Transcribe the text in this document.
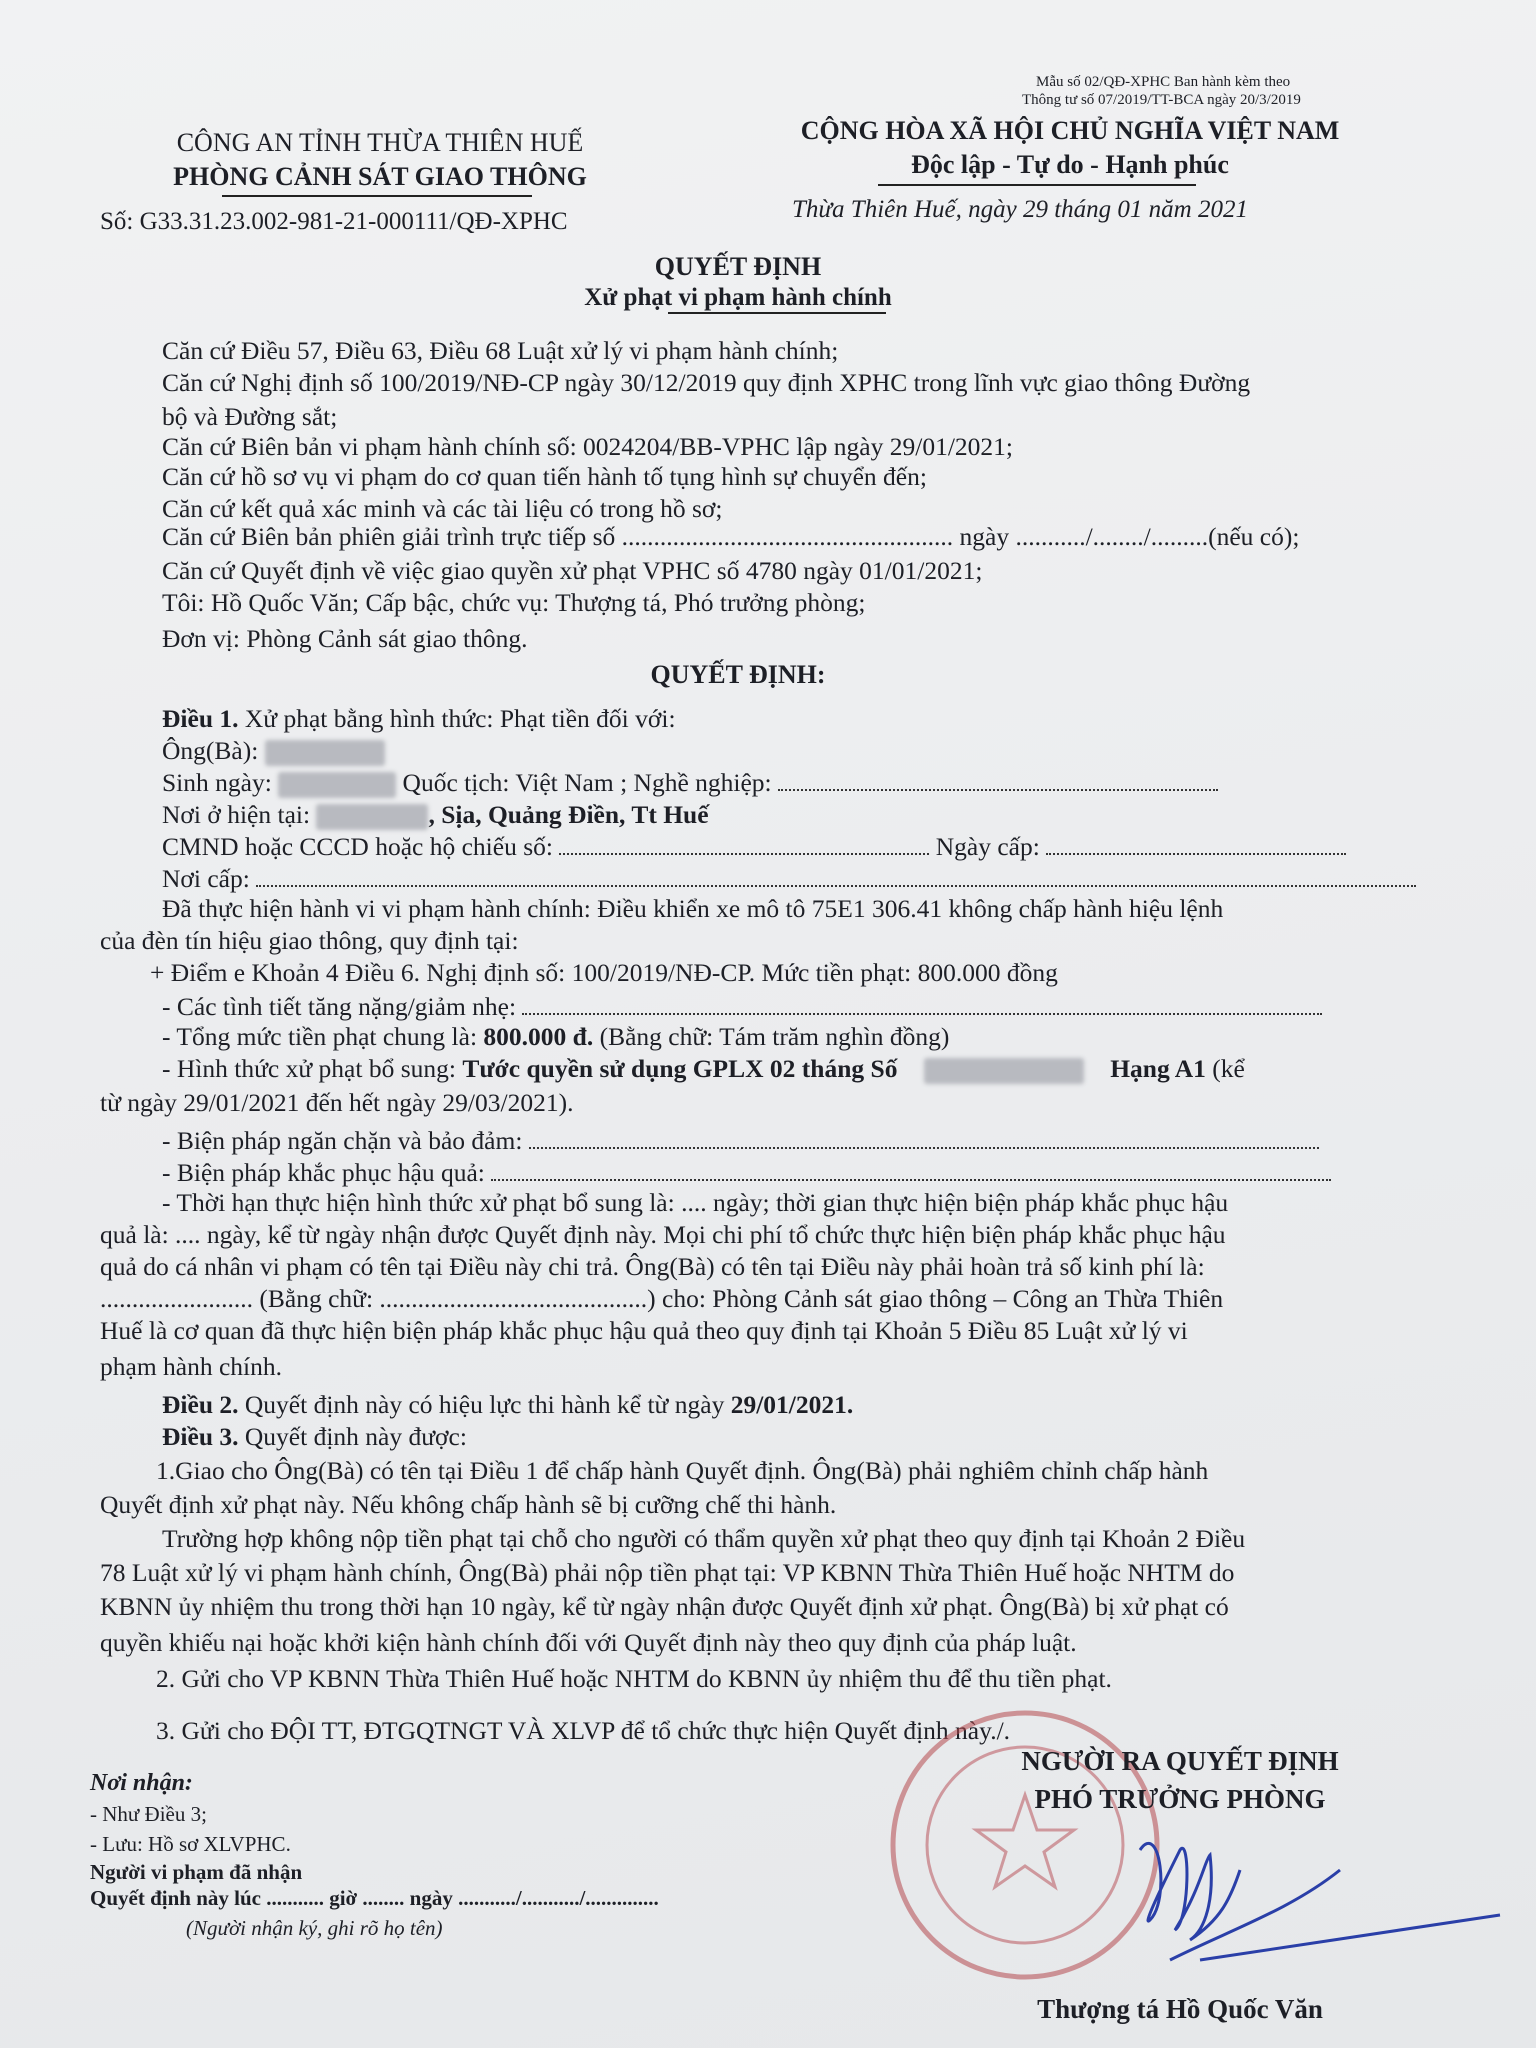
Mẫu số 02/QĐ-XPHC Ban hành kèm theo
Thông tư số 07/2019/TT-BCA ngày 20/3/2019
CÔNG AN TỈNH THỪA THIÊN HUẾ
PHÒNG CẢNH SÁT GIAO THÔNG
Số: G33.31.23.002-981-21-000111/QĐ-XPHC
CỘNG HÒA XÃ HỘI CHỦ NGHĨA VIỆT NAM
Độc lập - Tự do - Hạnh phúc
Thừa Thiên Huế, ngày 29 tháng 01 năm 2021
QUYẾT ĐỊNH
Xử phạt vi phạm hành chính
Căn cứ Điều 57, Điều 63, Điều 68 Luật xử lý vi phạm hành chính;
Căn cứ Nghị định số 100/2019/NĐ-CP ngày 30/12/2019 quy định XPHC trong lĩnh vực giao thông Đường
bộ và Đường sắt;
Căn cứ Biên bản vi phạm hành chính số: 0024204/BB-VPHC lập ngày 29/01/2021;
Căn cứ hồ sơ vụ vi phạm do cơ quan tiến hành tố tụng hình sự chuyển đến;
Căn cứ kết quả xác minh và các tài liệu có trong hồ sơ;
Căn cứ Biên bản phiên giải trình trực tiếp số .................................................... ngày .........../......../.........(nếu có);
Căn cứ Quyết định về việc giao quyền xử phạt VPHC số 4780 ngày 01/01/2021;
Tôi: Hồ Quốc Văn; Cấp bậc, chức vụ: Thượng tá, Phó trưởng phòng;
Đơn vị: Phòng Cảnh sát giao thông.
QUYẾT ĐỊNH:
Điều 1. Xử phạt bằng hình thức: Phạt tiền đối với:
Ông(Bà):
Sinh ngày:	Quốc tịch: Việt Nam ; Nghề nghiệp:
Nơi ở hiện tại:	, Sịa, Quảng Điền, Tt Huế
CMND hoặc CCCD hoặc hộ chiếu số:	Ngày cấp:
Nơi cấp:
Đã thực hiện hành vi vi phạm hành chính: Điều khiển xe mô tô 75E1 306.41 không chấp hành hiệu lệnh
của đèn tín hiệu giao thông, quy định tại:
+ Điểm e Khoản 4 Điều 6. Nghị định số: 100/2019/NĐ-CP. Mức tiền phạt: 800.000 đồng
- Các tình tiết tăng nặng/giảm nhẹ:
- Tổng mức tiền phạt chung là: 800.000 đ. (Bằng chữ: Tám trăm nghìn đồng)
- Hình thức xử phạt bổ sung: Tước quyền sử dụng GPLX 02 tháng Số	Hạng A1 (kể
từ ngày 29/01/2021 đến hết ngày 29/03/2021).
- Biện pháp ngăn chặn và bảo đảm:
- Biện pháp khắc phục hậu quả:
- Thời hạn thực hiện hình thức xử phạt bổ sung là: .... ngày; thời gian thực hiện biện pháp khắc phục hậu
quả là: .... ngày, kể từ ngày nhận được Quyết định này. Mọi chi phí tổ chức thực hiện biện pháp khắc phục hậu
quả do cá nhân vi phạm có tên tại Điều này chi trả. Ông(Bà) có tên tại Điều này phải hoàn trả số kinh phí là:
........................ (Bằng chữ: ..........................................) cho: Phòng Cảnh sát giao thông – Công an Thừa Thiên
Huế là cơ quan đã thực hiện biện pháp khắc phục hậu quả theo quy định tại Khoản 5 Điều 85 Luật xử lý vi
phạm hành chính.
Điều 2. Quyết định này có hiệu lực thi hành kể từ ngày 29/01/2021.
Điều 3. Quyết định này được:
1.Giao cho Ông(Bà) có tên tại Điều 1 để chấp hành Quyết định. Ông(Bà) phải nghiêm chỉnh chấp hành
Quyết định xử phạt này. Nếu không chấp hành sẽ bị cưỡng chế thi hành.
Trường hợp không nộp tiền phạt tại chỗ cho người có thẩm quyền xử phạt theo quy định tại Khoản 2 Điều
78 Luật xử lý vi phạm hành chính, Ông(Bà) phải nộp tiền phạt tại: VP KBNN Thừa Thiên Huế hoặc NHTM do
KBNN ủy nhiệm thu trong thời hạn 10 ngày, kể từ ngày nhận được Quyết định xử phạt. Ông(Bà) bị xử phạt có
quyền khiếu nại hoặc khởi kiện hành chính đối với Quyết định này theo quy định của pháp luật.
2. Gửi cho VP KBNN Thừa Thiên Huế hoặc NHTM do KBNN ủy nhiệm thu để thu tiền phạt.
3. Gửi cho ĐỘI TT, ĐTGQTNGT VÀ XLVP để tổ chức thực hiện Quyết định này./.
Nơi nhận:
- Như Điều 3;
- Lưu: Hồ sơ XLVPHC.
Người vi phạm đã nhận
Quyết định này lúc ........... giờ ........ ngày .........../.........../..............
(Người nhận ký, ghi rõ họ tên)
NGƯỜI RA QUYẾT ĐỊNH
PHÓ TRƯỞNG PHÒNG
Thượng tá Hồ Quốc Văn
